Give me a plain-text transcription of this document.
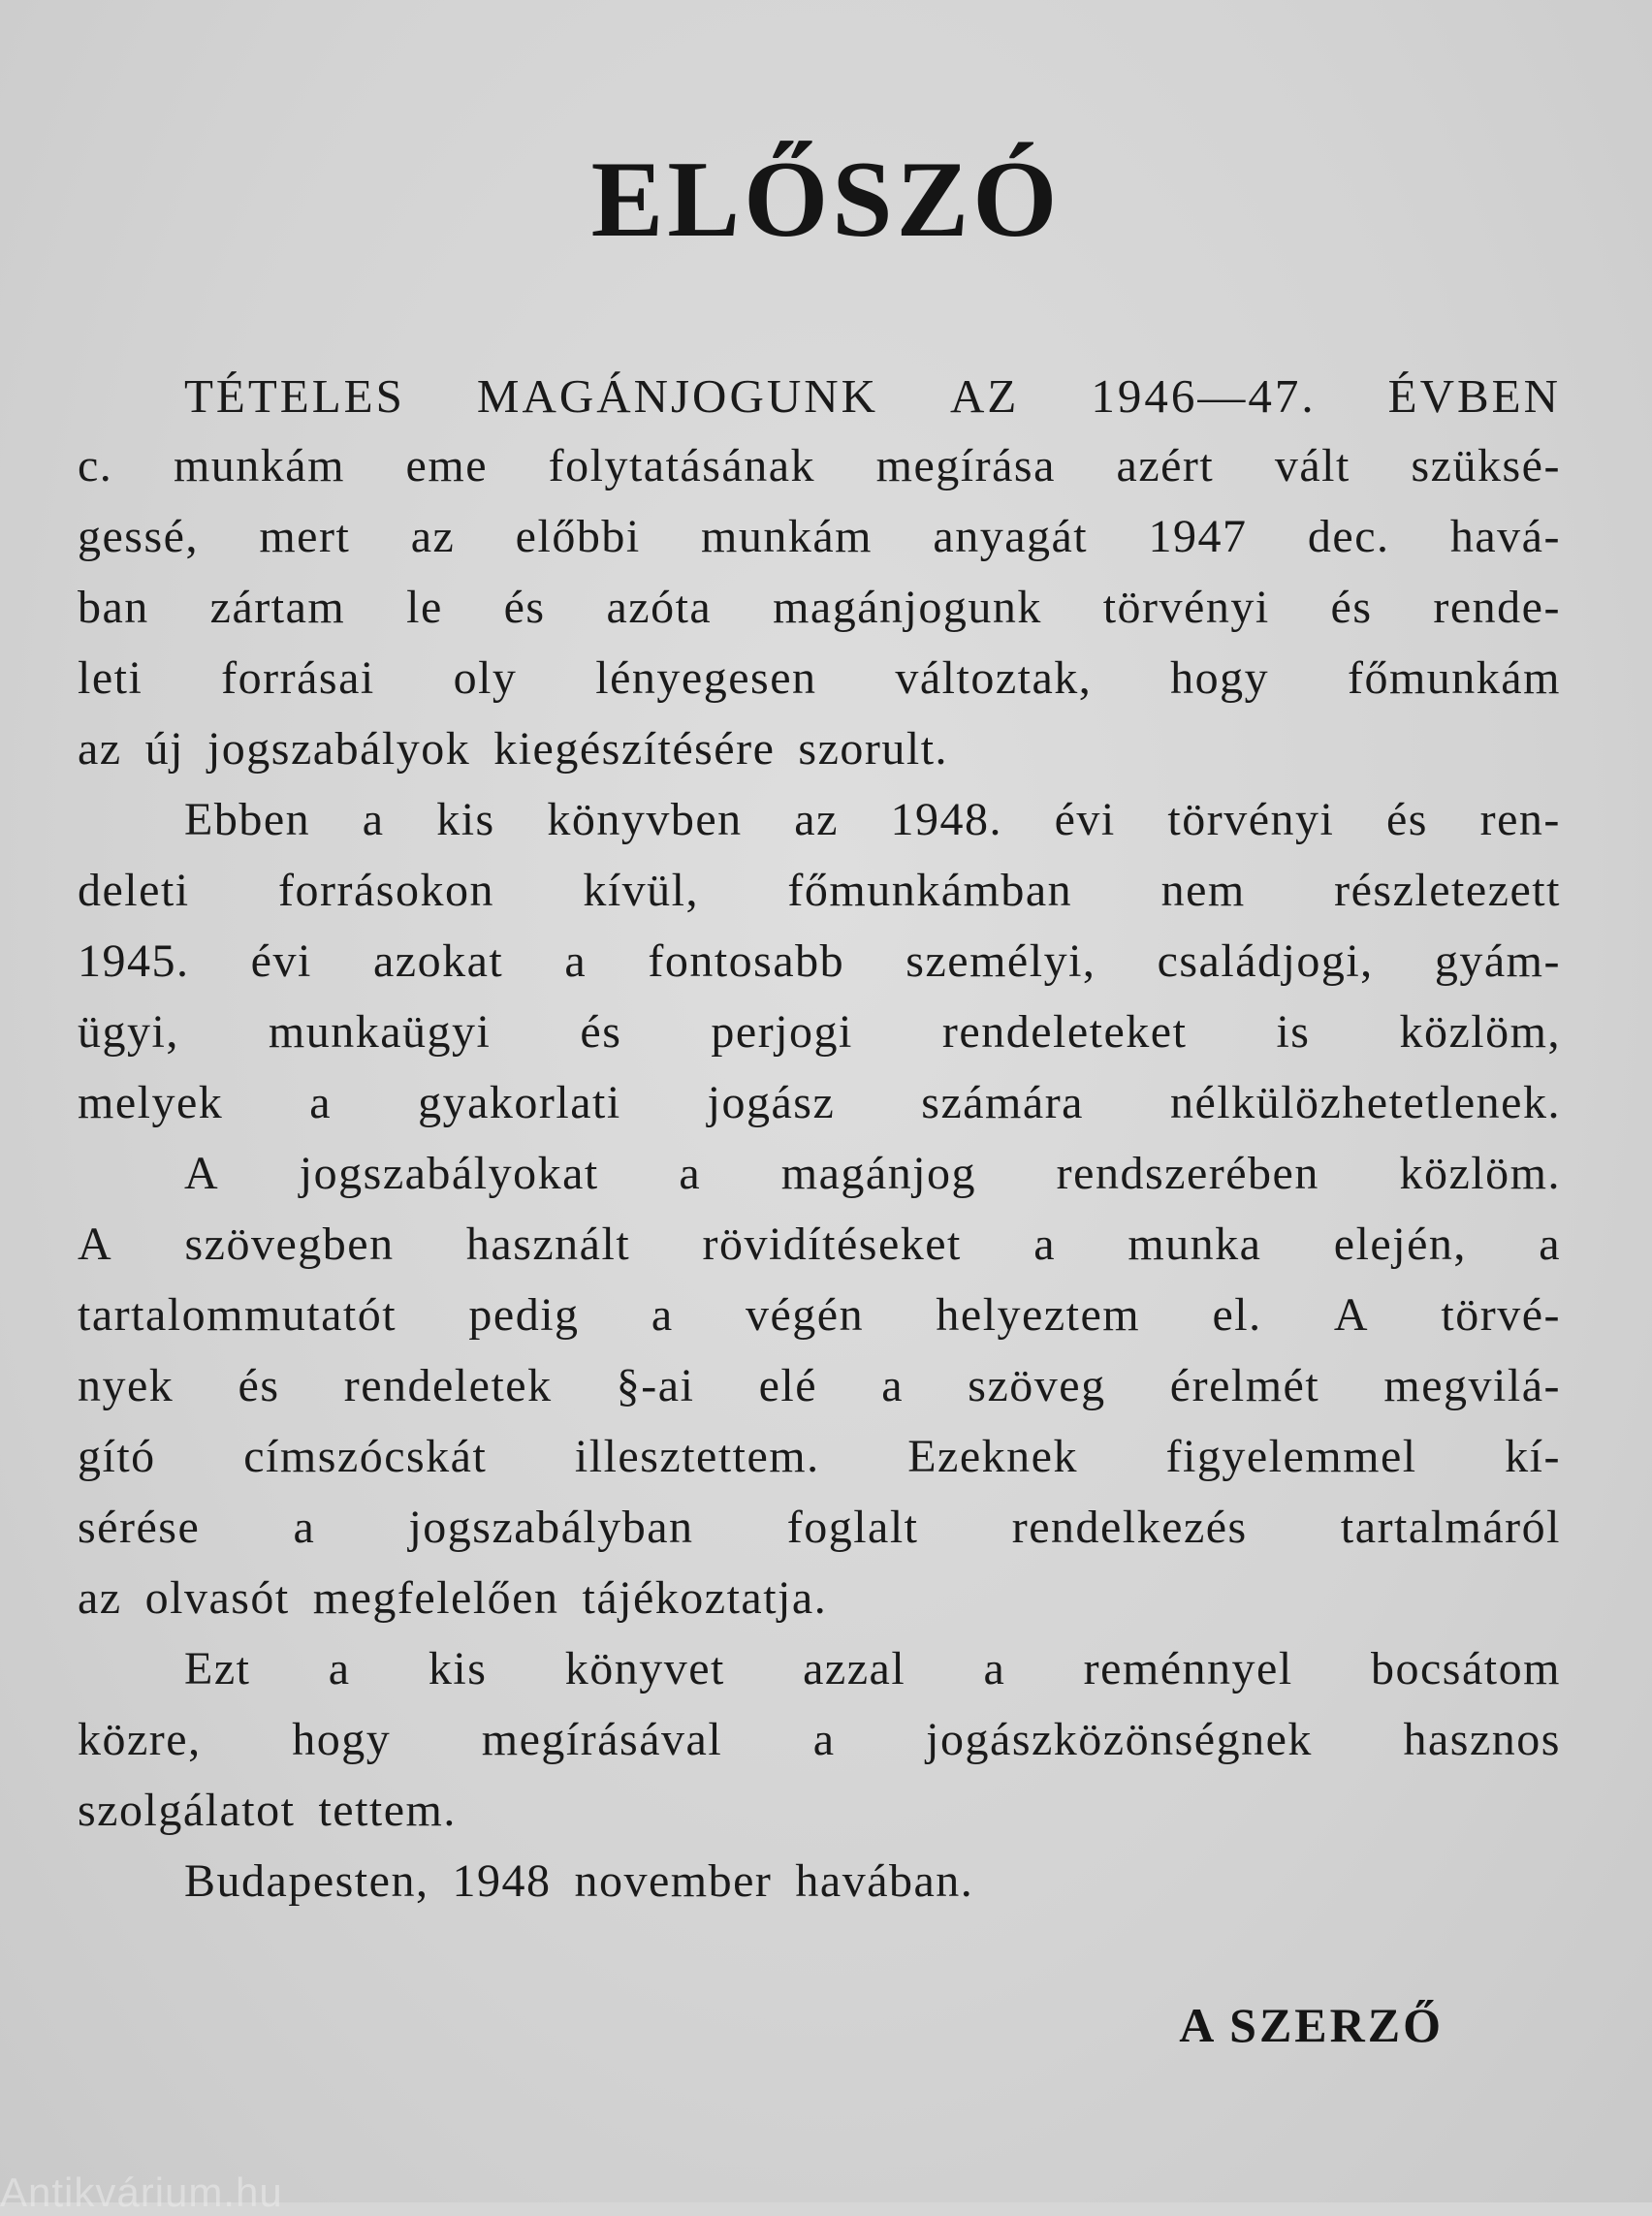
ELŐSZÓ
TÉTELES MAGÁNJOGUNK AZ 1946—47. ÉVBEN
c. munkám eme folytatásának megírása azért vált szüksé-
gessé, mert az előbbi munkám anyagát 1947 dec. havá-
ban zártam le és azóta magánjogunk törvényi és rende-
leti forrásai oly lényegesen változtak, hogy főmunkám
az új jogszabályok kiegészítésére szorult.
Ebben a kis könyvben az 1948. évi törvényi és ren-
deleti forrásokon kívül, főmunkámban nem részletezett
1945. évi azokat a fontosabb személyi, családjogi, gyám-
ügyi, munkaügyi és perjogi rendeleteket is közlöm,
melyek a gyakorlati jogász számára nélkülözhetetlenek.
A jogszabályokat a magánjog rendszerében közlöm.
A szövegben használt rövidítéseket a munka elején, a
tartalommutatót pedig a végén helyeztem el. A törvé-
nyek és rendeletek §-ai elé a szöveg érelmét megvilá-
gító címszócskát illesztettem. Ezeknek figyelemmel kí-
sérése a jogszabályban foglalt rendelkezés tartalmáról
az olvasót megfelelően tájékoztatja.
Ezt a kis könyvet azzal a reménnyel bocsátom
közre, hogy megírásával a jogászközönségnek hasznos
szolgálatot tettem.
Budapesten, 1948 november havában.
A SZERZŐ
Antikvárium.hu
